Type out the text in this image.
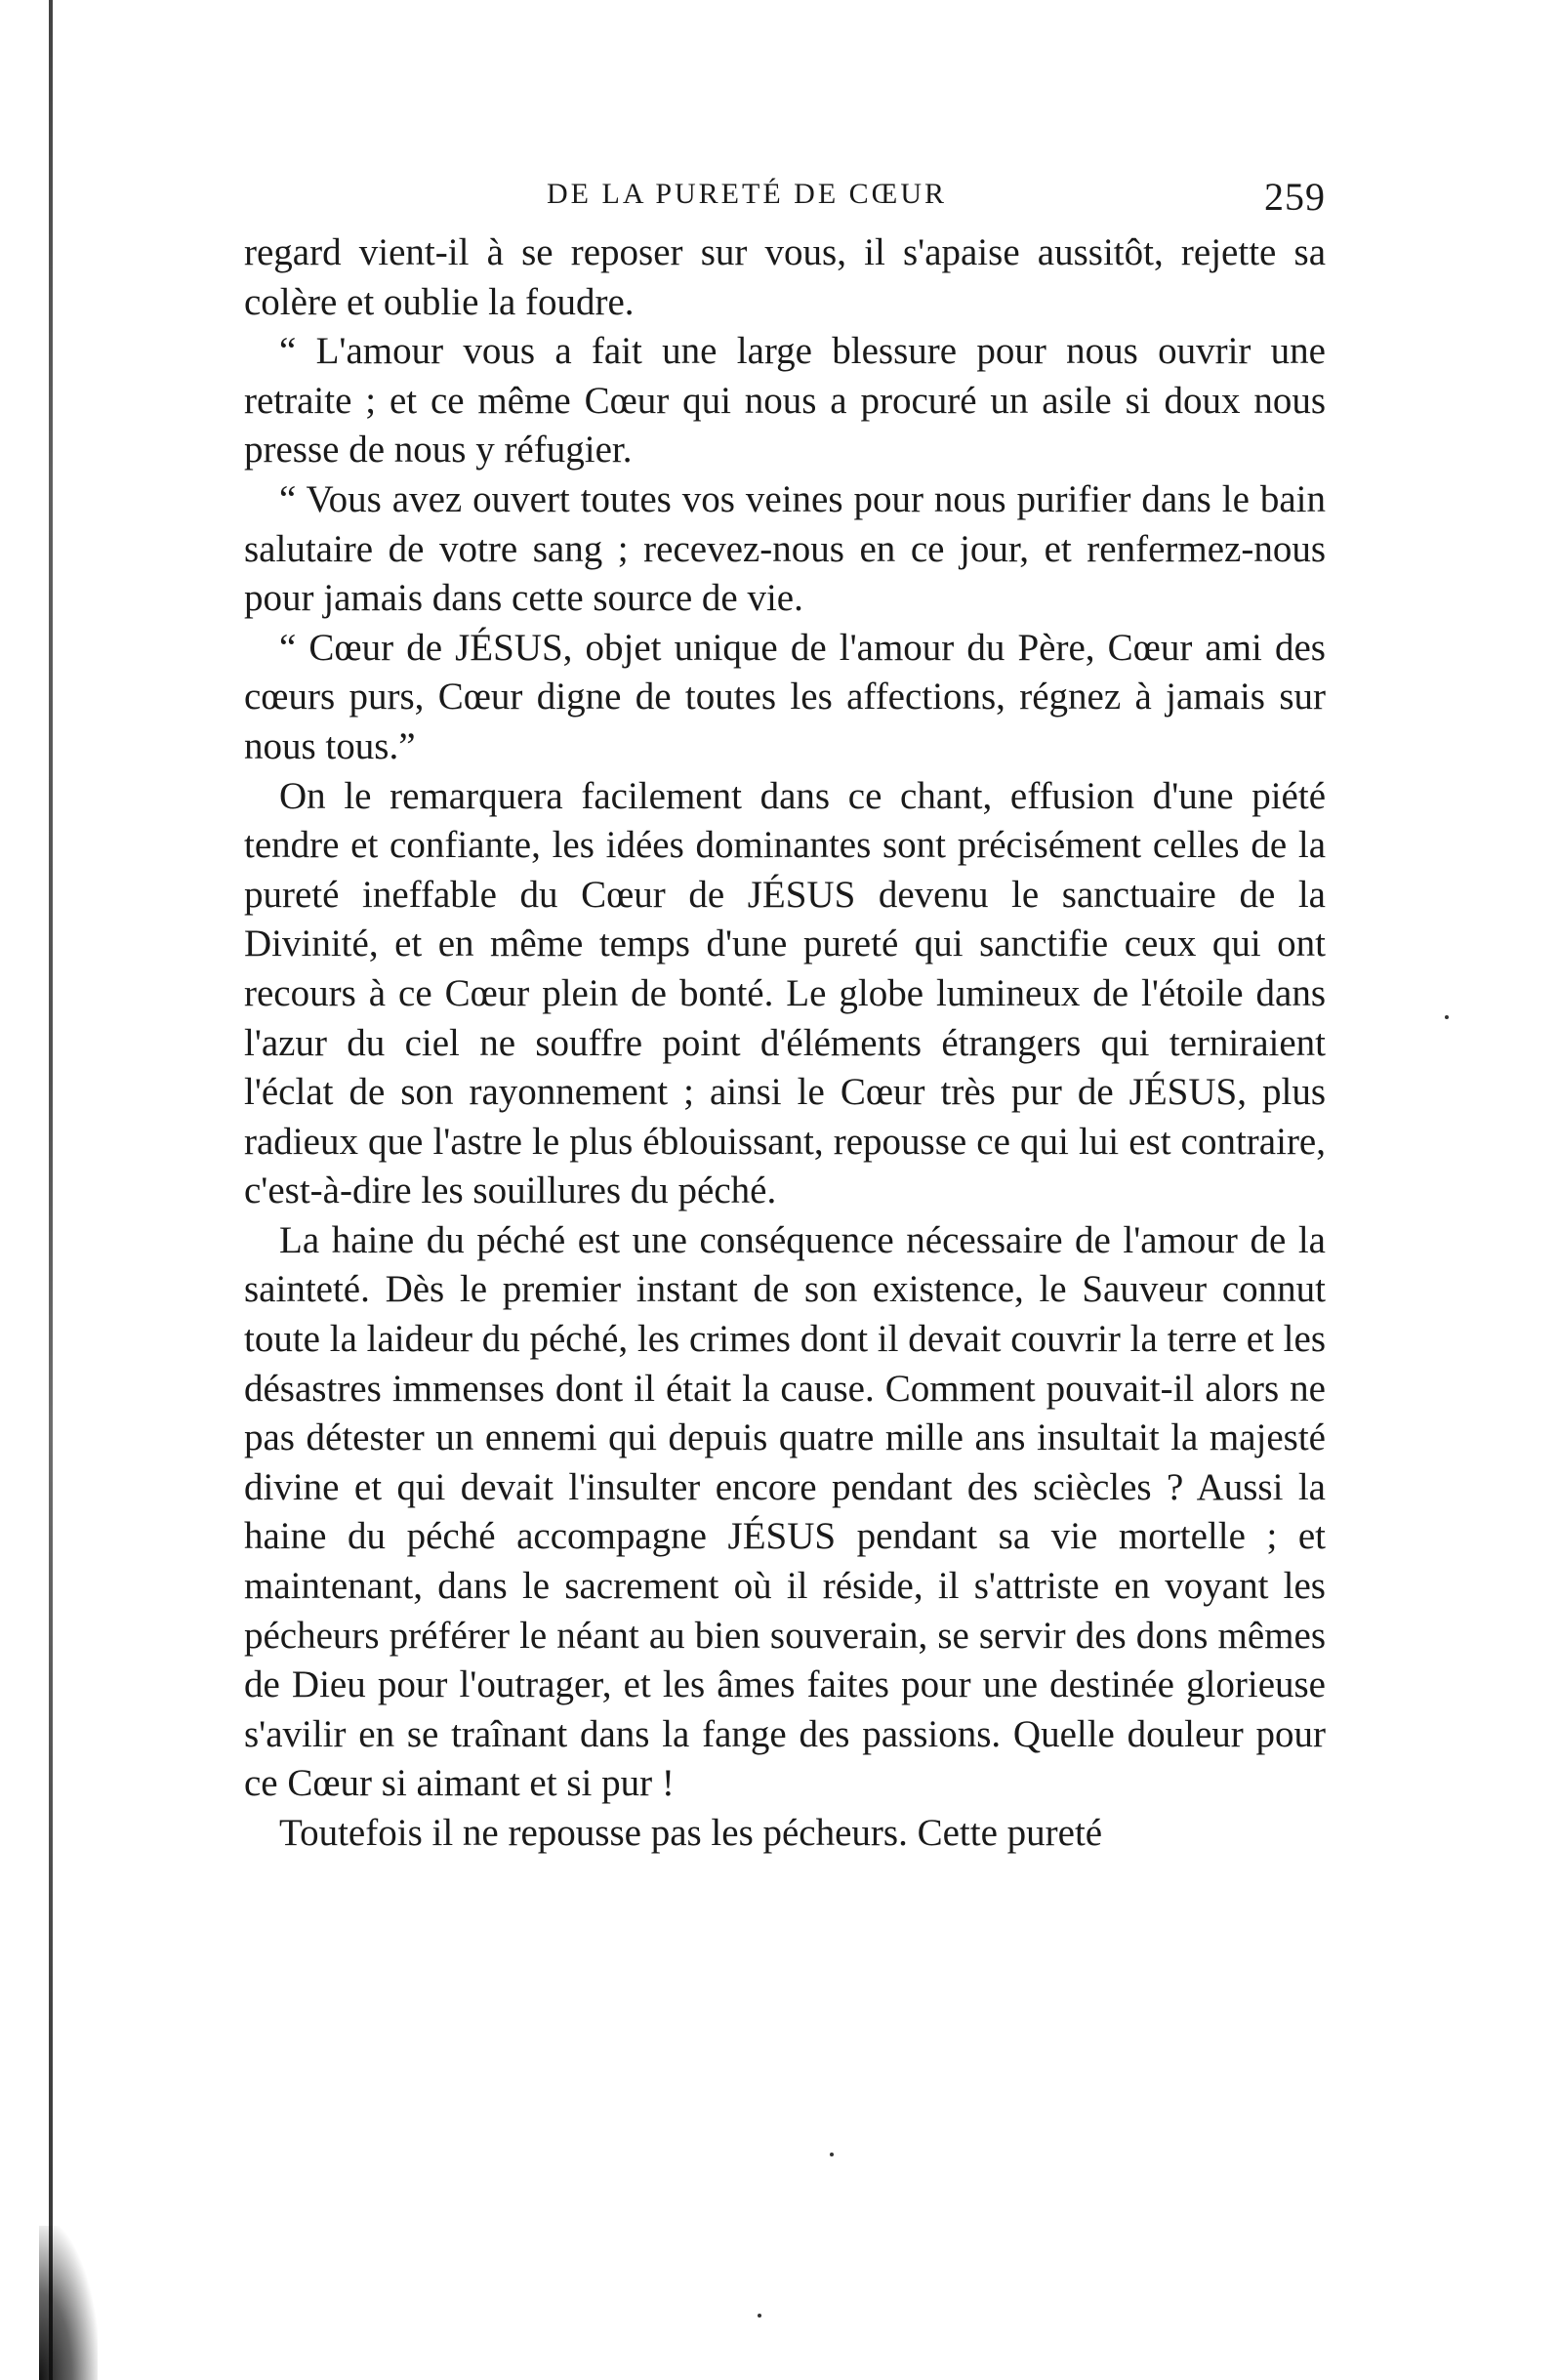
DE LA PURETÉ DE CŒUR	259

regard vient-il à se reposer sur vous, il s'apaise aussitôt, rejette sa colère et oublie la foudre.

“ L'amour vous a fait une large blessure pour nous ouvrir une retraite ; et ce même Cœur qui nous a procuré un asile si doux nous presse de nous y réfugier.

“ Vous avez ouvert toutes vos veines pour nous purifier dans le bain salutaire de votre sang ; recevez-nous en ce jour, et renfermez-nous pour jamais dans cette source de vie.

“ Cœur de JÉSUS, objet unique de l'amour du Père, Cœur ami des cœurs purs, Cœur digne de toutes les affections, régnez à jamais sur nous tous.”

On le remarquera facilement dans ce chant, effusion d'une piété tendre et confiante, les idées dominantes sont précisément celles de la pureté ineffable du Cœur de JÉSUS devenu le sanctuaire de la Divinité, et en même temps d'une pureté qui sanctifie ceux qui ont recours à ce Cœur plein de bonté. Le globe lumineux de l'étoile dans l'azur du ciel ne souffre point d'éléments étrangers qui terniraient l'éclat de son rayonnement ; ainsi le Cœur très pur de JÉSUS, plus radieux que l'astre le plus éblouissant, repousse ce qui lui est contraire, c'est-à-dire les souillures du péché.

La haine du péché est une conséquence nécessaire de l'amour de la sainteté. Dès le premier instant de son existence, le Sauveur connut toute la laideur du péché, les crimes dont il devait couvrir la terre et les désastres immenses dont il était la cause. Comment pouvait-il alors ne pas détester un ennemi qui depuis quatre mille ans insultait la majesté divine et qui devait l'insulter encore pendant des sciècles ? Aussi la haine du péché accompagne JÉSUS pendant sa vie mortelle ; et maintenant, dans le sacrement où il réside, il s'attriste en voyant les pécheurs préférer le néant au bien souverain, se servir des dons mêmes de Dieu pour l'outrager, et les âmes faites pour une destinée glorieuse s'avilir en se traînant dans la fange des passions. Quelle douleur pour ce Cœur si aimant et si pur !

Toutefois il ne repousse pas les pécheurs. Cette pureté
